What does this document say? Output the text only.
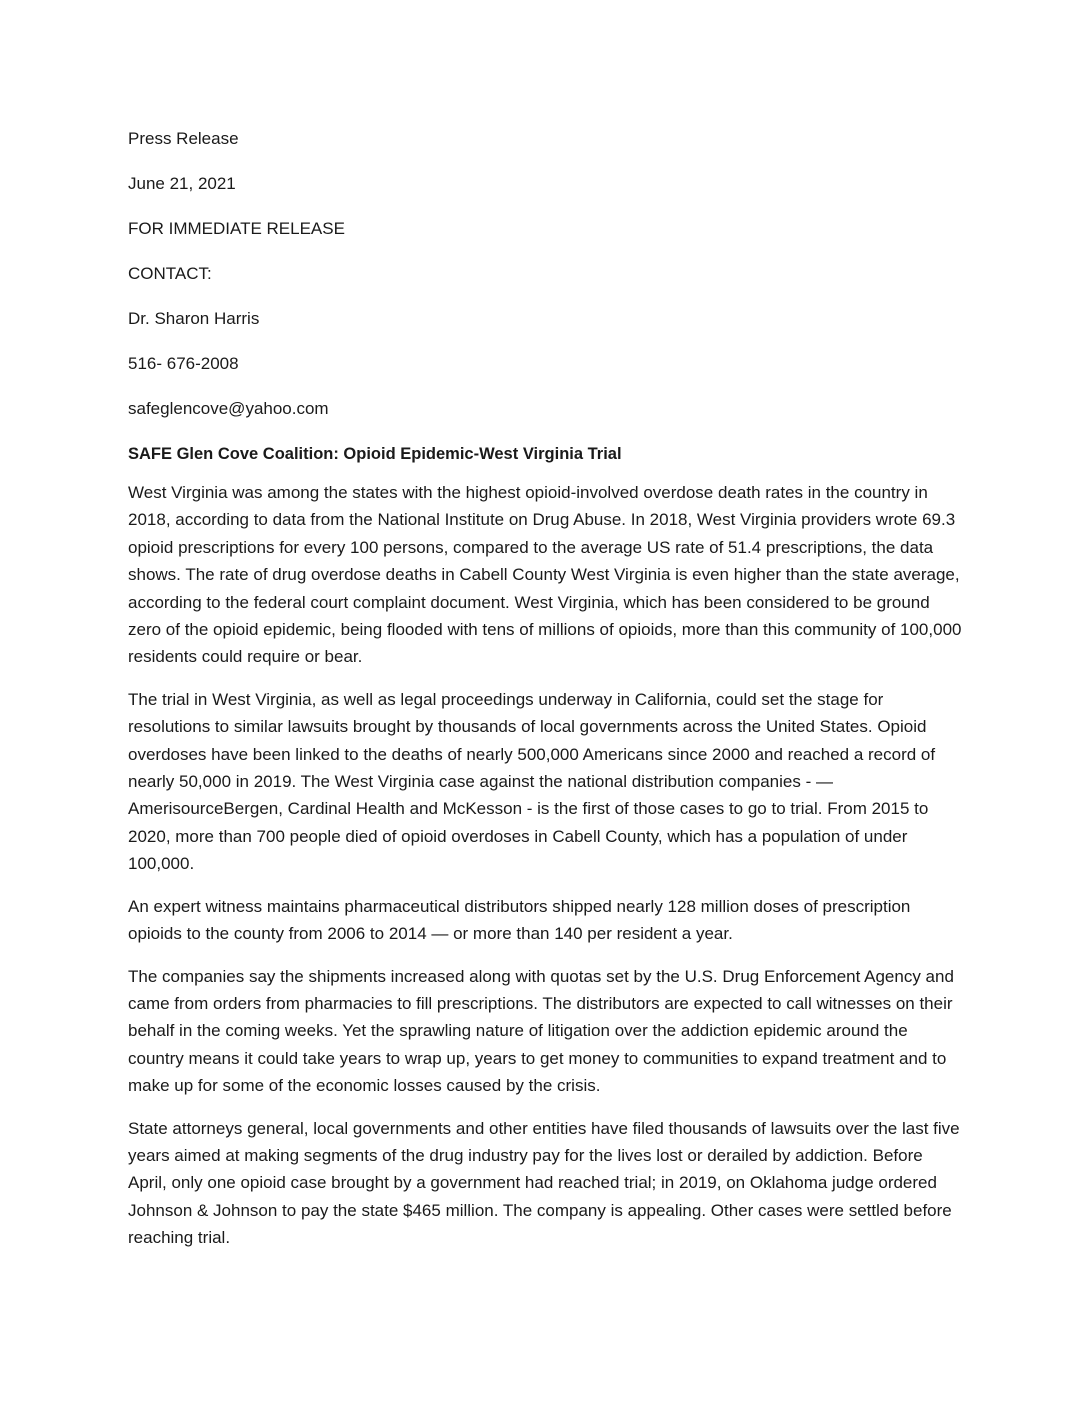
Press Release
June 21, 2021
FOR IMMEDIATE RELEASE
CONTACT:
Dr. Sharon Harris
516- 676-2008
safeglencove@yahoo.com
SAFE Glen Cove Coalition: Opioid Epidemic-West Virginia Trial

West Virginia was among the states with the highest opioid-involved overdose death rates in the country in 2018, according to data from the National Institute on Drug Abuse. In 2018, West Virginia providers wrote 69.3 opioid prescriptions for every 100 persons, compared to the average US rate of 51.4 prescriptions, the data shows. The rate of drug overdose deaths in Cabell County West Virginia is even higher than the state average, according to the federal court complaint document. West Virginia, which has been considered to be ground zero of the opioid epidemic, being flooded with tens of millions of opioids, more than this community of 100,000 residents could require or bear.

The trial in West Virginia, as well as legal proceedings underway in California, could set the stage for resolutions to similar lawsuits brought by thousands of local governments across the United States. Opioid overdoses have been linked to the deaths of nearly 500,000 Americans since 2000 and reached a record of nearly 50,000 in 2019. The West Virginia case against the national distribution companies - — AmerisourceBergen, Cardinal Health and McKesson - is the first of those cases to go to trial. From 2015 to 2020, more than 700 people died of opioid overdoses in Cabell County, which has a population of under 100,000.

An expert witness maintains pharmaceutical distributors shipped nearly 128 million doses of prescription opioids to the county from 2006 to 2014 — or more than 140 per resident a year.

The companies say the shipments increased along with quotas set by the U.S. Drug Enforcement Agency and came from orders from pharmacies to fill prescriptions. The distributors are expected to call witnesses on their behalf in the coming weeks. Yet the sprawling nature of litigation over the addiction epidemic around the country means it could take years to wrap up, years to get money to communities to expand treatment and to make up for some of the economic losses caused by the crisis.

State attorneys general, local governments and other entities have filed thousands of lawsuits over the last five years aimed at making segments of the drug industry pay for the lives lost or derailed by addiction. Before April, only one opioid case brought by a government had reached trial; in 2019, on Oklahoma judge ordered Johnson & Johnson to pay the state $465 million. The company is appealing. Other cases were settled before reaching trial.
